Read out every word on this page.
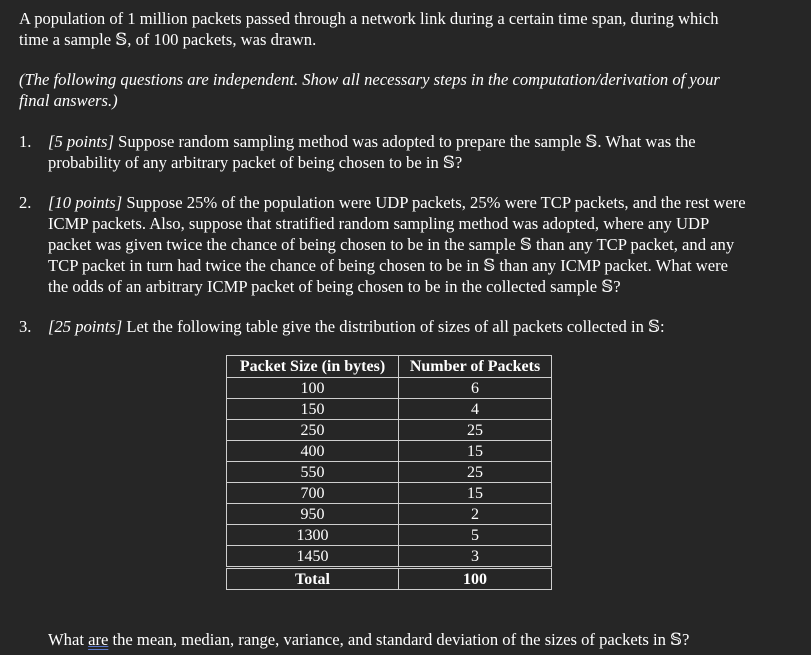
A population of 1 million packets passed through a network link during a certain time span, during which
time a sample 𝕊, of 100 packets, was drawn.
(The following questions are independent. Show all necessary steps in the computation/derivation of your
final answers.)
1. [5 points] Suppose random sampling method was adopted to prepare the sample 𝕊. What was the
probability of any arbitrary packet of being chosen to be in 𝕊?
2. [10 points] Suppose 25% of the population were UDP packets, 25% were TCP packets, and the rest were
ICMP packets. Also, suppose that stratified random sampling method was adopted, where any UDP
packet was given twice the chance of being chosen to be in the sample 𝕊 than any TCP packet, and any
TCP packet in turn had twice the chance of being chosen to be in 𝕊 than any ICMP packet. What were
the odds of an arbitrary ICMP packet of being chosen to be in the collected sample 𝕊?
3. [25 points] Let the following table give the distribution of sizes of all packets collected in 𝕊:
Packet Size (in bytes)	Number of Packets
100	6
150	4
250	25
400	15
550	25
700	15
950	2
1300	5
1450	3
Total	100
What are the mean, median, range, variance, and standard deviation of the sizes of packets in 𝕊?
